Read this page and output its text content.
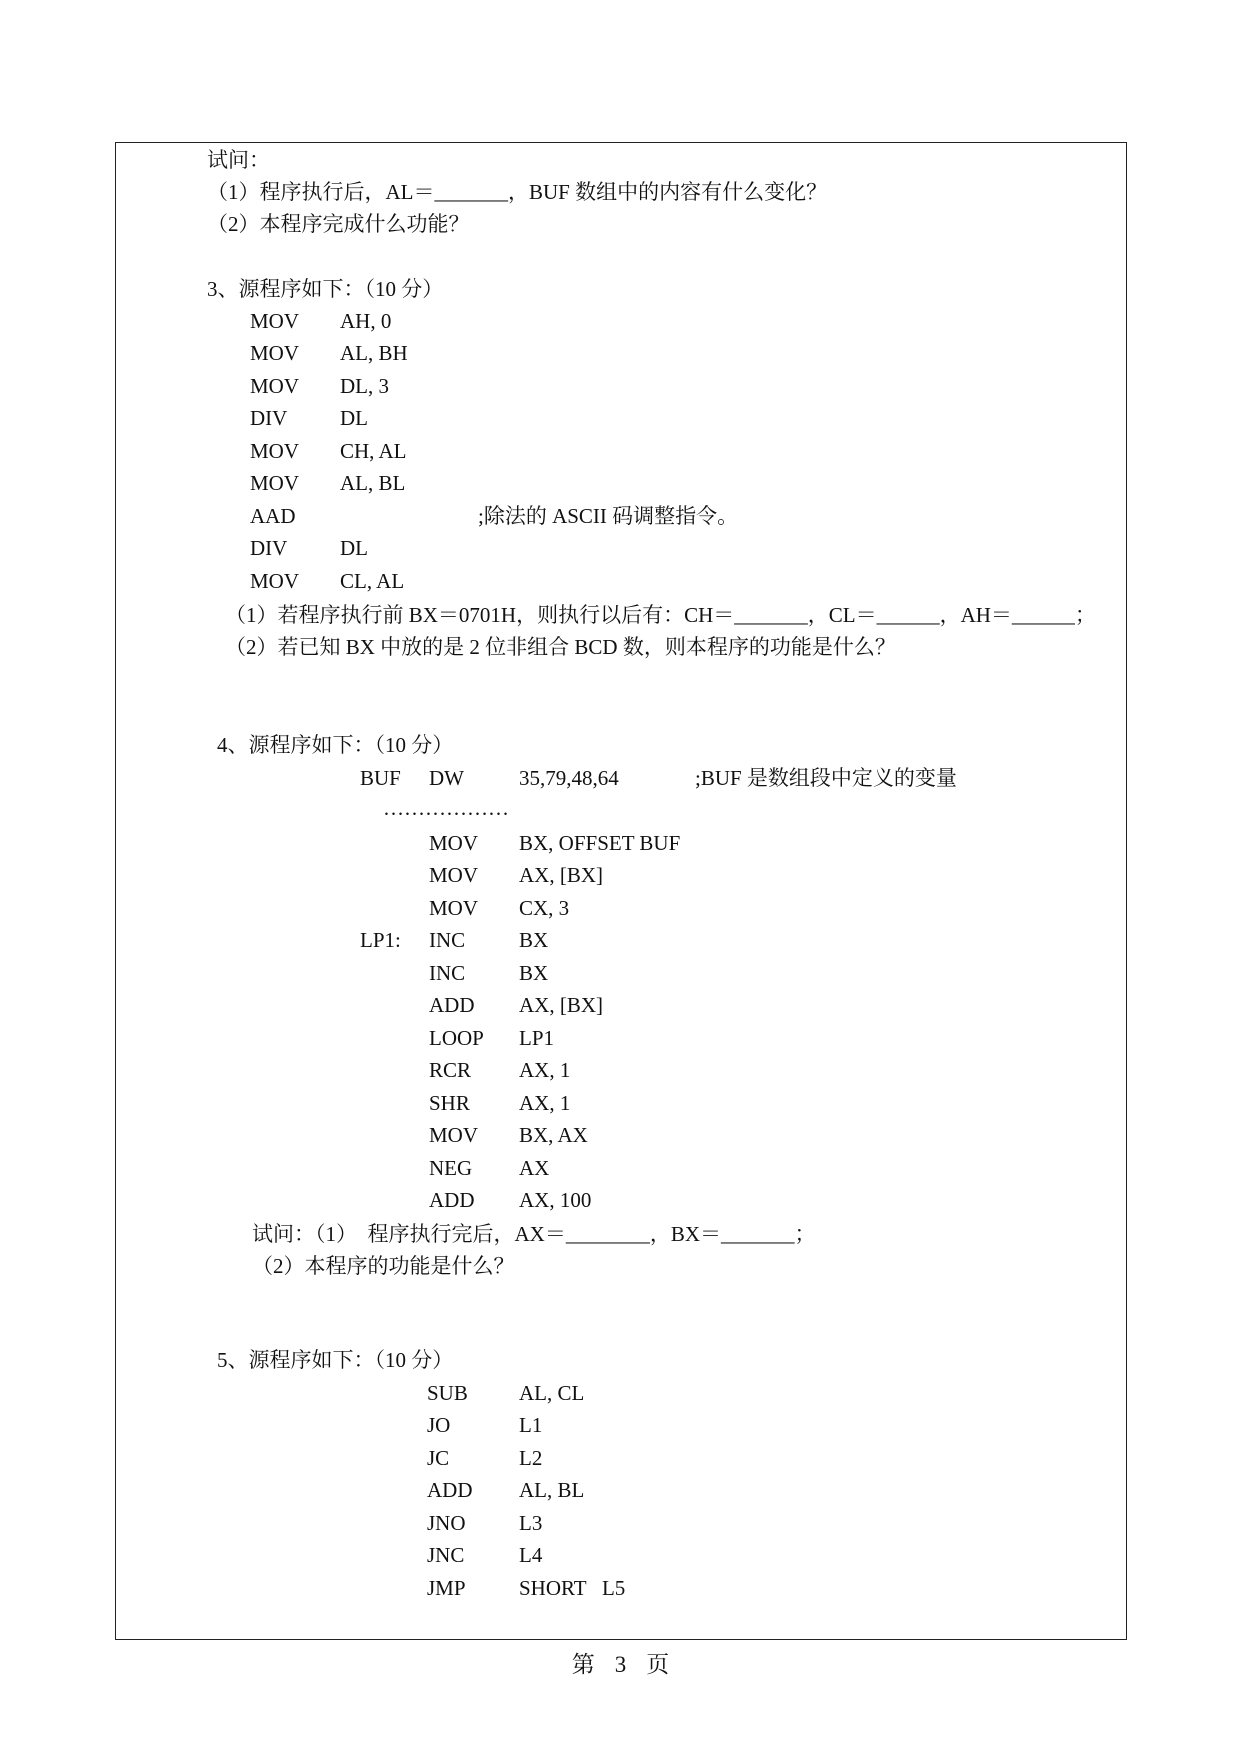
试问：
（1）程序执行后，AL＝_______，BUF 数组中的内容有什么变化？
（2）本程序完成什么功能？
3、源程序如下：（10 分）
MOV AH, 0
MOV AL, BH
MOV DL, 3
DIV	DL
MOV CH, AL
MOV AL, BL
AAD	;除法的 ASCII 码调整指令。
DIV	DL
MOV CL, AL
（1）若程序执行前 BX＝0701H，则执行以后有：CH＝_______，CL＝______，AH＝______；
（2）若已知 BX 中放的是 2 位非组合 BCD 数，则本程序的功能是什么？
4、源程序如下：（10 分）
BUF DW	35,79,48,64	;BUF 是数组段中定义的变量
………………
MOV BX, OFFSET BUF
MOV AX, [BX]
MOV CX, 3
LP1: INC	BX
INC	BX
ADD AX, [BX]
LOOP LP1
RCR AX, 1
SHR AX, 1
MOV BX, AX
NEG AX
ADD AX, 100
试问：（1）  程序执行完后，AX＝________，BX＝_______；
（2）本程序的功能是什么？
5、源程序如下：（10 分）
SUB AL, CL
JO	L1
JC	L2
ADD AL, BL
JNO	L3
JNC	L4
JMP	SHORT   L5
第 3 页
